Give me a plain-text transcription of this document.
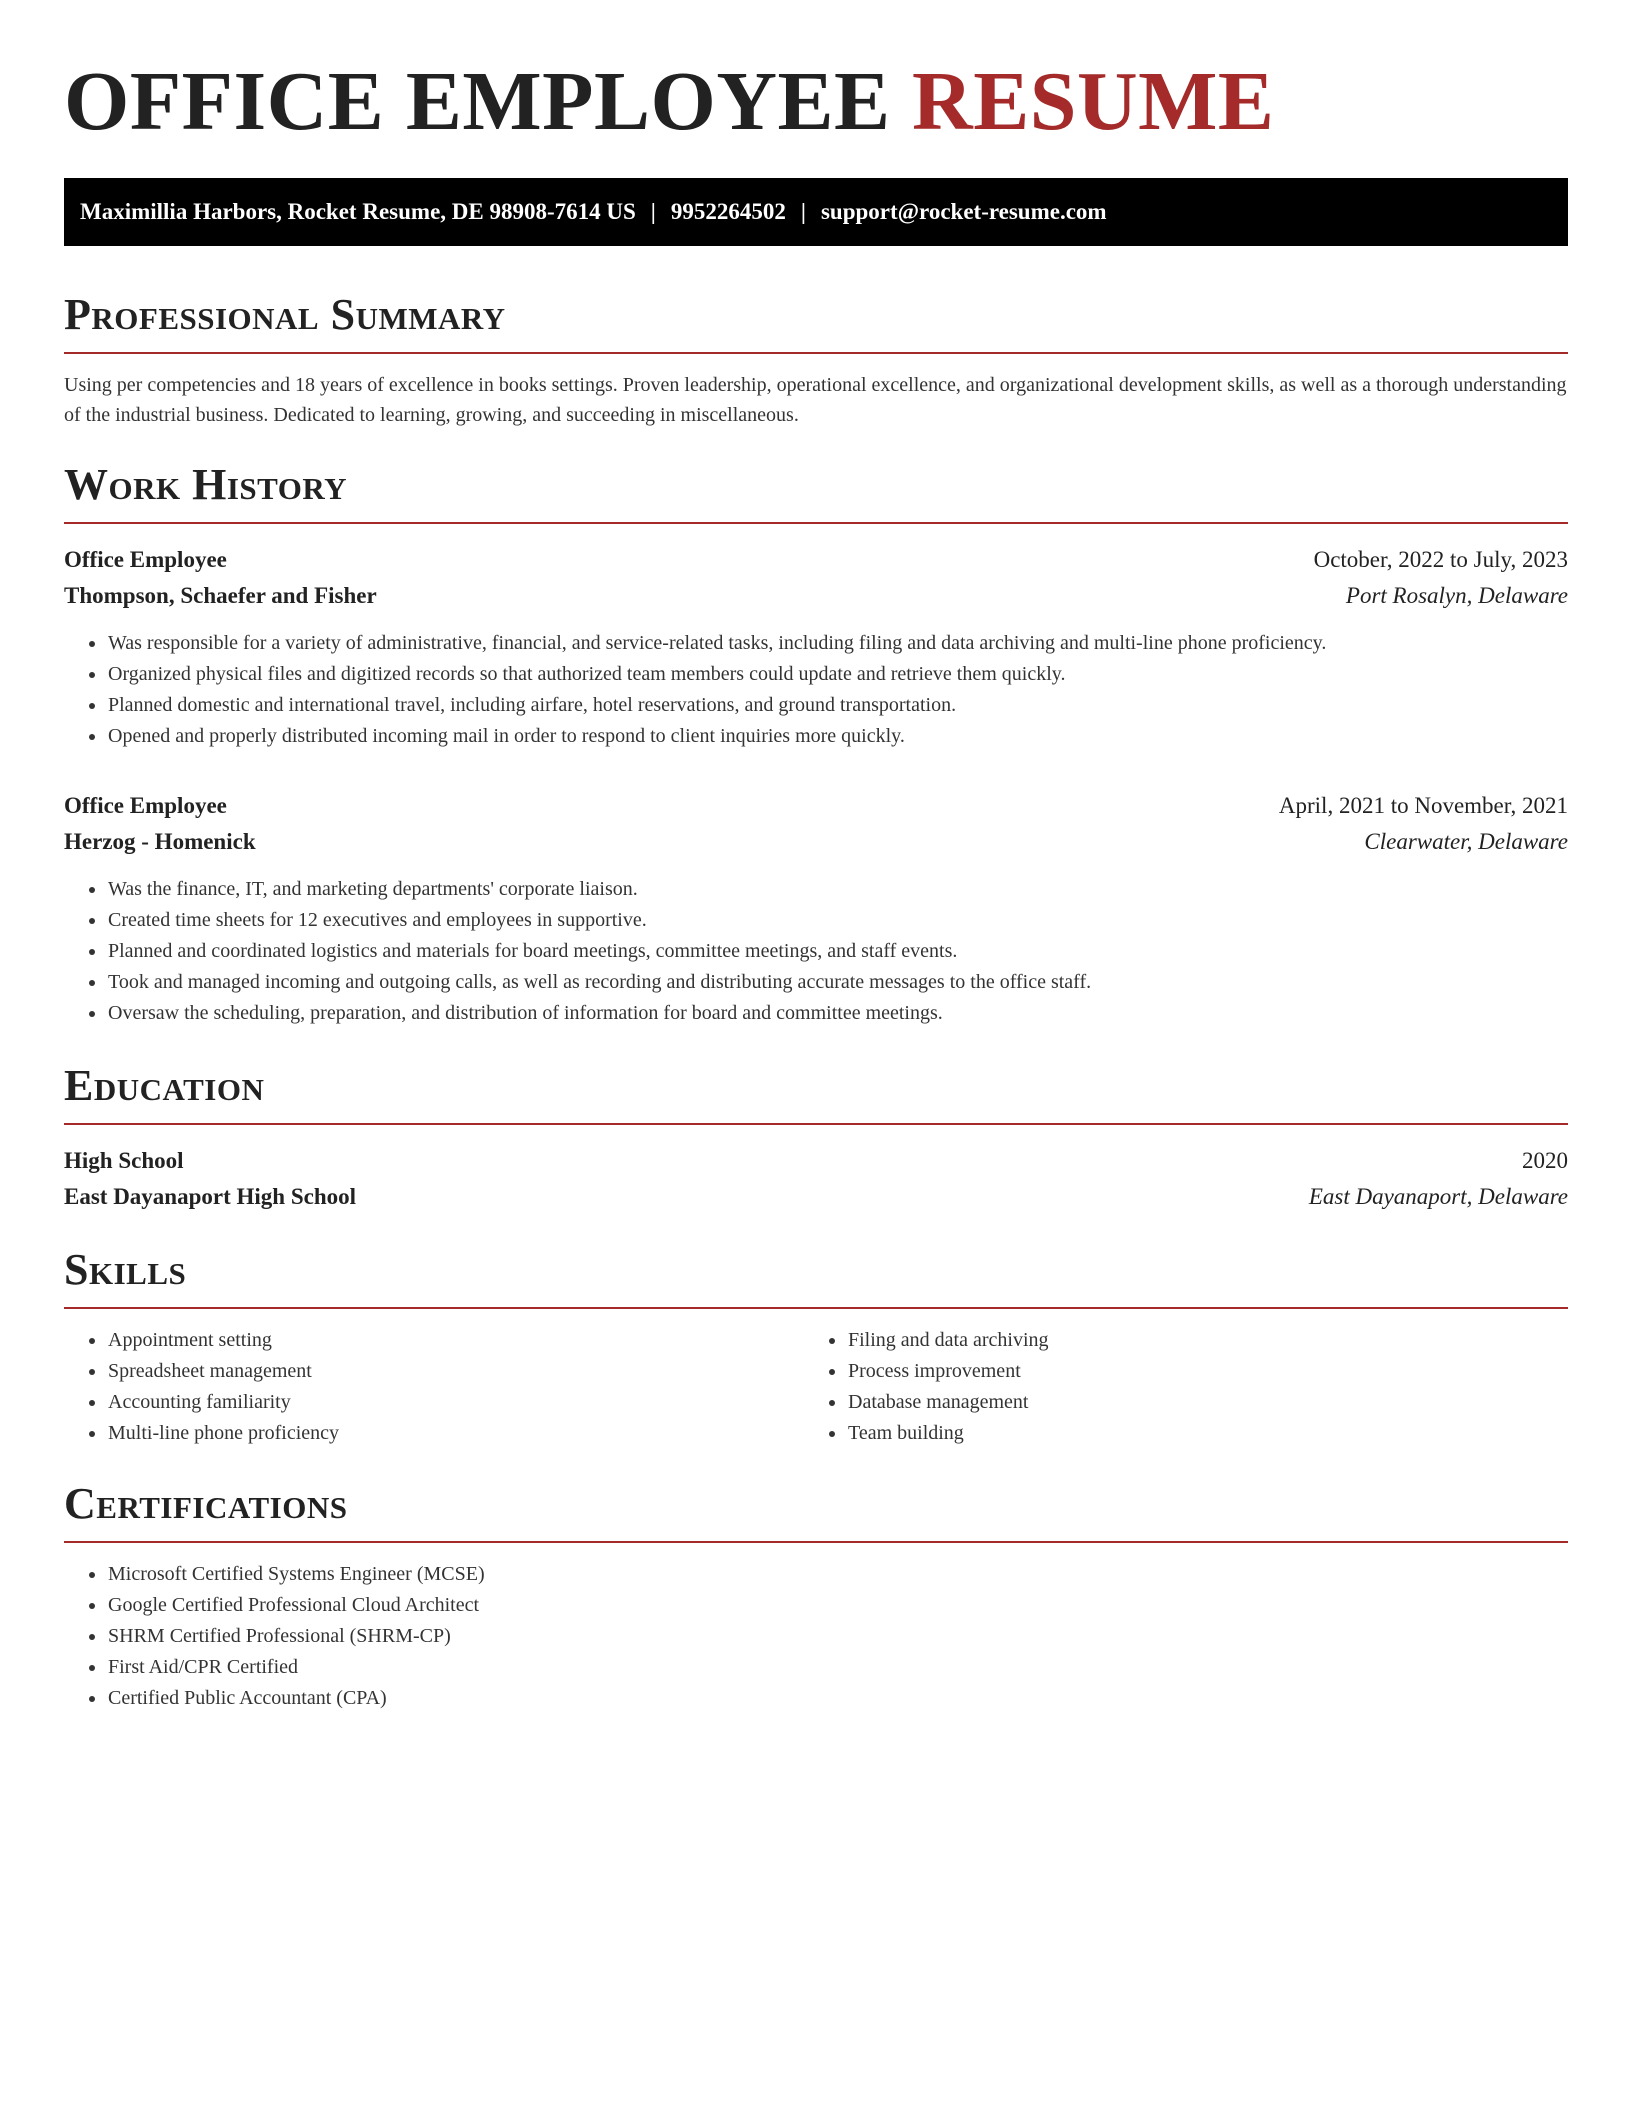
OFFICE EMPLOYEE RESUME
Maximillia Harbors, Rocket Resume, DE 98908-7614 US | 9952264502 | support@rocket-resume.com
Professional Summary

Using per competencies and 18 years of excellence in books settings. Proven leadership, operational excellence, and organizational development skills, as well as a thorough understanding of the industrial business. Dedicated to learning, growing, and succeeding in miscellaneous.

Work History
Office Employee	October, 2022 to July, 2023
Thompson, Schaefer and Fisher	Port Rosalyn, Delaware
• Was responsible for a variety of administrative, financial, and service-related tasks, including filing and data archiving and multi-line phone proficiency.
• Organized physical files and digitized records so that authorized team members could update and retrieve them quickly.
• Planned domestic and international travel, including airfare, hotel reservations, and ground transportation.
• Opened and properly distributed incoming mail in order to respond to client inquiries more quickly.
Office Employee	April, 2021 to November, 2021
Herzog - Homenick	Clearwater, Delaware
• Was the finance, IT, and marketing departments' corporate liaison.
• Created time sheets for 12 executives and employees in supportive.
• Planned and coordinated logistics and materials for board meetings, committee meetings, and staff events.
• Took and managed incoming and outgoing calls, as well as recording and distributing accurate messages to the office staff.
• Oversaw the scheduling, preparation, and distribution of information for board and committee meetings.
Education
High School	2020
East Dayanaport High School	East Dayanaport, Delaware
Skills
• Appointment setting
• Spreadsheet management
• Accounting familiarity
• Multi-line phone proficiency
• Filing and data archiving
• Process improvement
• Database management
• Team building
Certifications
• Microsoft Certified Systems Engineer (MCSE)
• Google Certified Professional Cloud Architect
• SHRM Certified Professional (SHRM-CP)
• First Aid/CPR Certified
• Certified Public Accountant (CPA)
